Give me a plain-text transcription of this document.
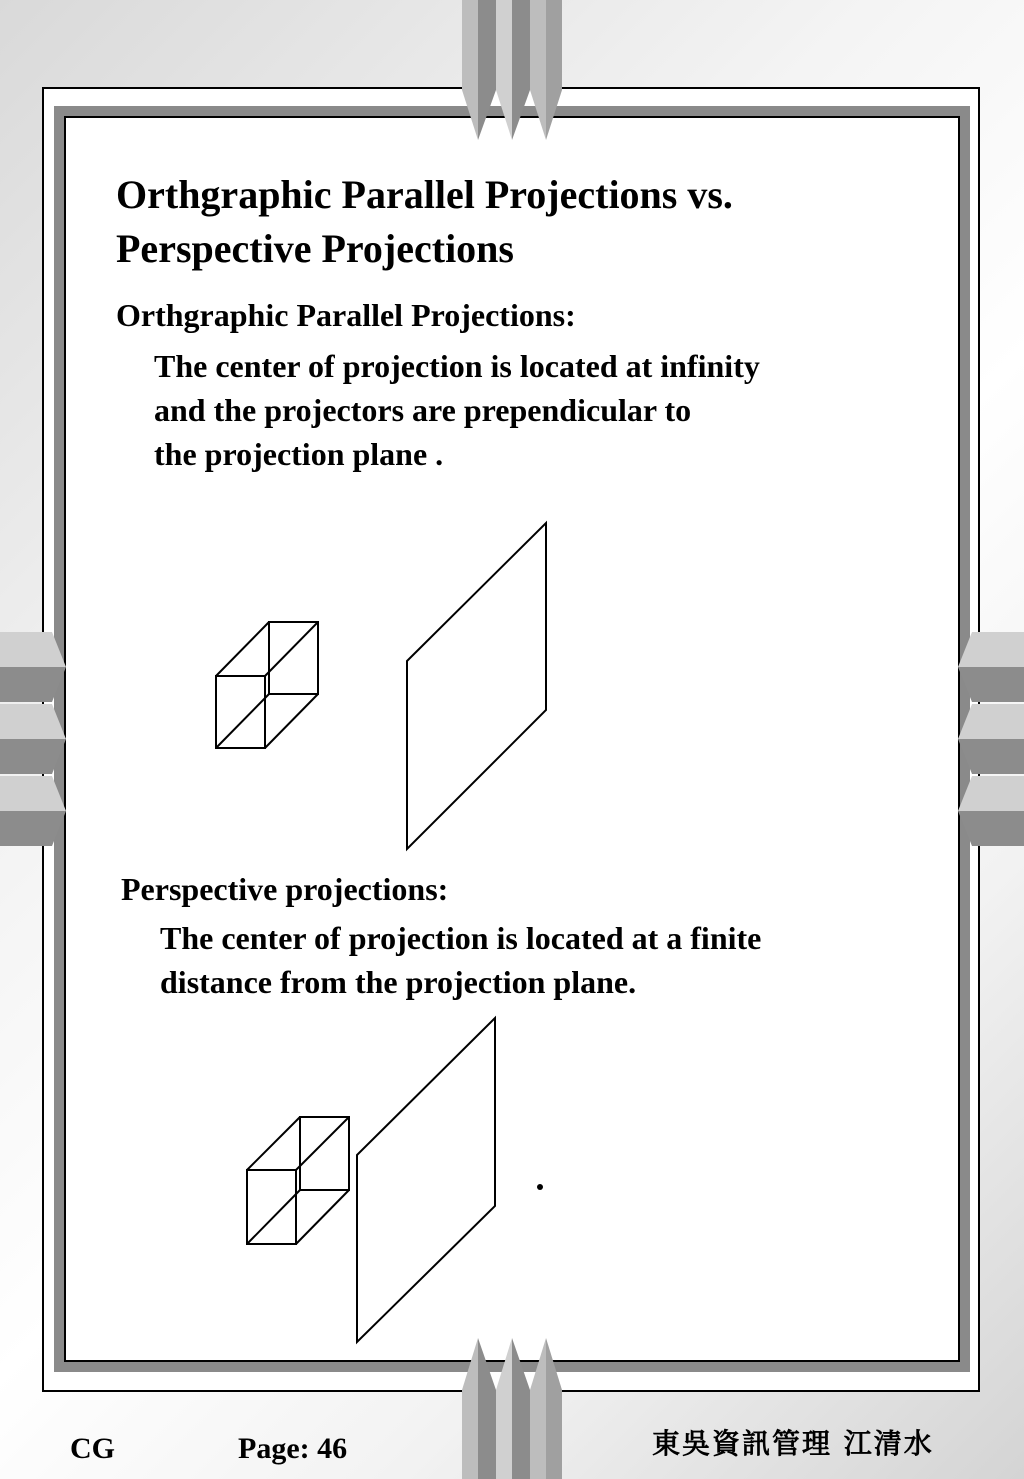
Orthgraphic Parallel Projections vs.
Perspective Projections
Orthgraphic Parallel Projections:
The center of projection is located at infinity
and the projectors are prependicular to
the projection plane .
Perspective projections:
The center of projection is located at a finite
distance from the projection plane.
CG	Page: 46	東吳資訊管理 江清水
